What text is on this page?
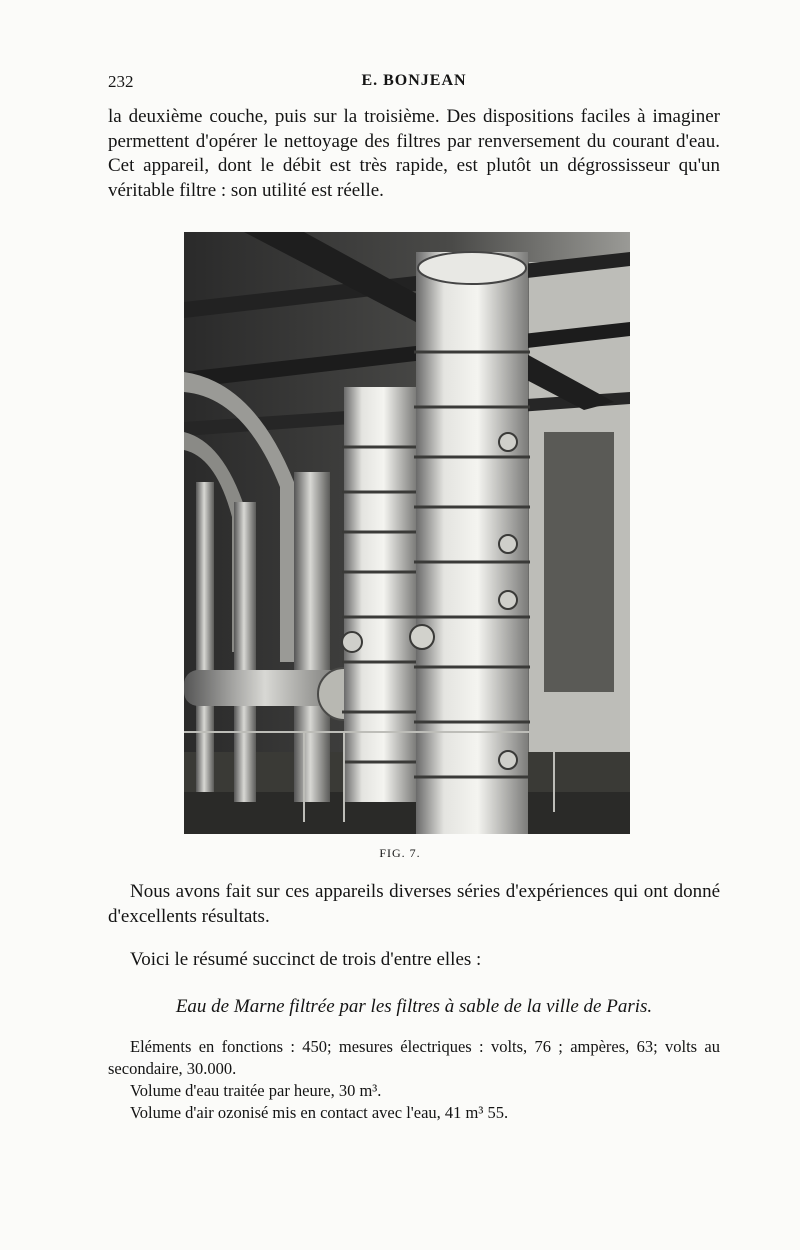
232	E. BONJEAN

la deuxième couche, puis sur la troisième. Des dispositions faciles à imaginer permettent d'opérer le nettoyage des filtres par renversement du courant d'eau. Cet appareil, dont le débit est très rapide, est plutôt un dégrossisseur qu'un véritable filtre : son utilité est réelle.

FIG. 7.

Nous avons fait sur ces appareils diverses séries d'expériences qui ont donné d'excellents résultats.

Voici le résumé succinct de trois d'entre elles :

Eau de Marne filtrée par les filtres à sable de la ville de Paris.

Eléments en fonctions : 450; mesures électriques : volts, 76 ; ampères, 63; volts au secondaire, 30.000.

Volume d'eau traitée par heure, 30 m³.

Volume d'air ozonisé mis en contact avec l'eau, 41 m³ 55.
